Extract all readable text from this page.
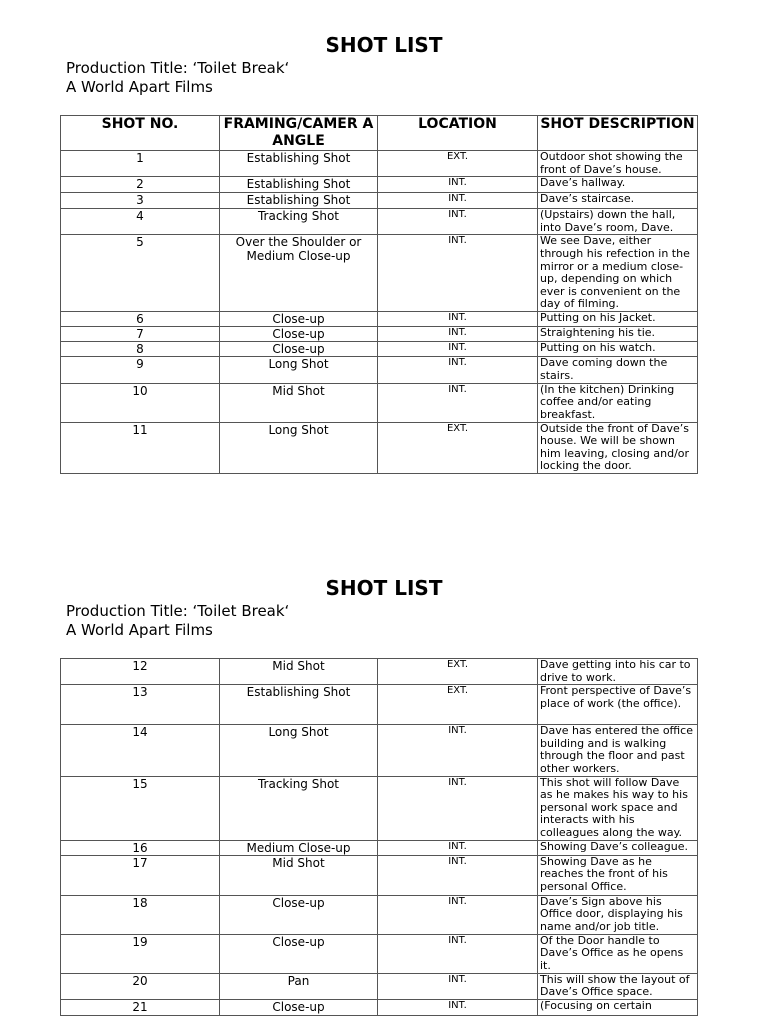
SHOT LIST
Production Title: ‘Toilet Break‘
A World Apart Films
SHOT NO.	FRAMING/CAMER A ANGLE	LOCATION	SHOT DESCRIPTION
1	Establishing Shot	EXT.	Outdoor shot showing the front of Dave’s house.
2	Establishing Shot	INT.	Dave’s hallway.
3	Establishing Shot	INT.	Dave’s staircase.
4	Tracking Shot	INT.	(Upstairs) down the hall, into Dave’s room, Dave.
5	Over the Shoulder or Medium Close-up	INT.	We see Dave, either through his refection in the mirror or a medium close-up, depending on which ever is convenient on the day of filming.
6	Close-up	INT.	Putting on his Jacket.
7	Close-up	INT.	Straightening his tie.
8	Close-up	INT.	Putting on his watch.
9	Long Shot	INT.	Dave coming down the stairs.
10	Mid Shot	INT.	(In the kitchen) Drinking coffee and/or eating breakfast.
11	Long Shot	EXT.	Outside the front of Dave’s house. We will be shown him leaving, closing and/or locking the door.
SHOT LIST
Production Title: ‘Toilet Break‘
A World Apart Films
12	Mid Shot	EXT.	Dave getting into his car to drive to work.
13	Establishing Shot	EXT.	Front perspective of Dave’s place of work (the office).
14	Long Shot	INT.	Dave has entered the office building and is walking through the floor and past other workers.
15	Tracking Shot	INT.	This shot will follow Dave as he makes his way to his personal work space and interacts with his colleagues along the way.
16	Medium Close-up	INT.	Showing Dave’s colleague.
17	Mid Shot	INT.	Showing Dave as he reaches the front of his personal Office.
18	Close-up	INT.	Dave’s Sign above his Office door, displaying his name and/or job title.
19	Close-up	INT.	Of the Door handle to Dave’s Office as he opens it.
20	Pan	INT.	This will show the layout of Dave’s Office space.
21	Close-up	INT.	(Focusing on certain
